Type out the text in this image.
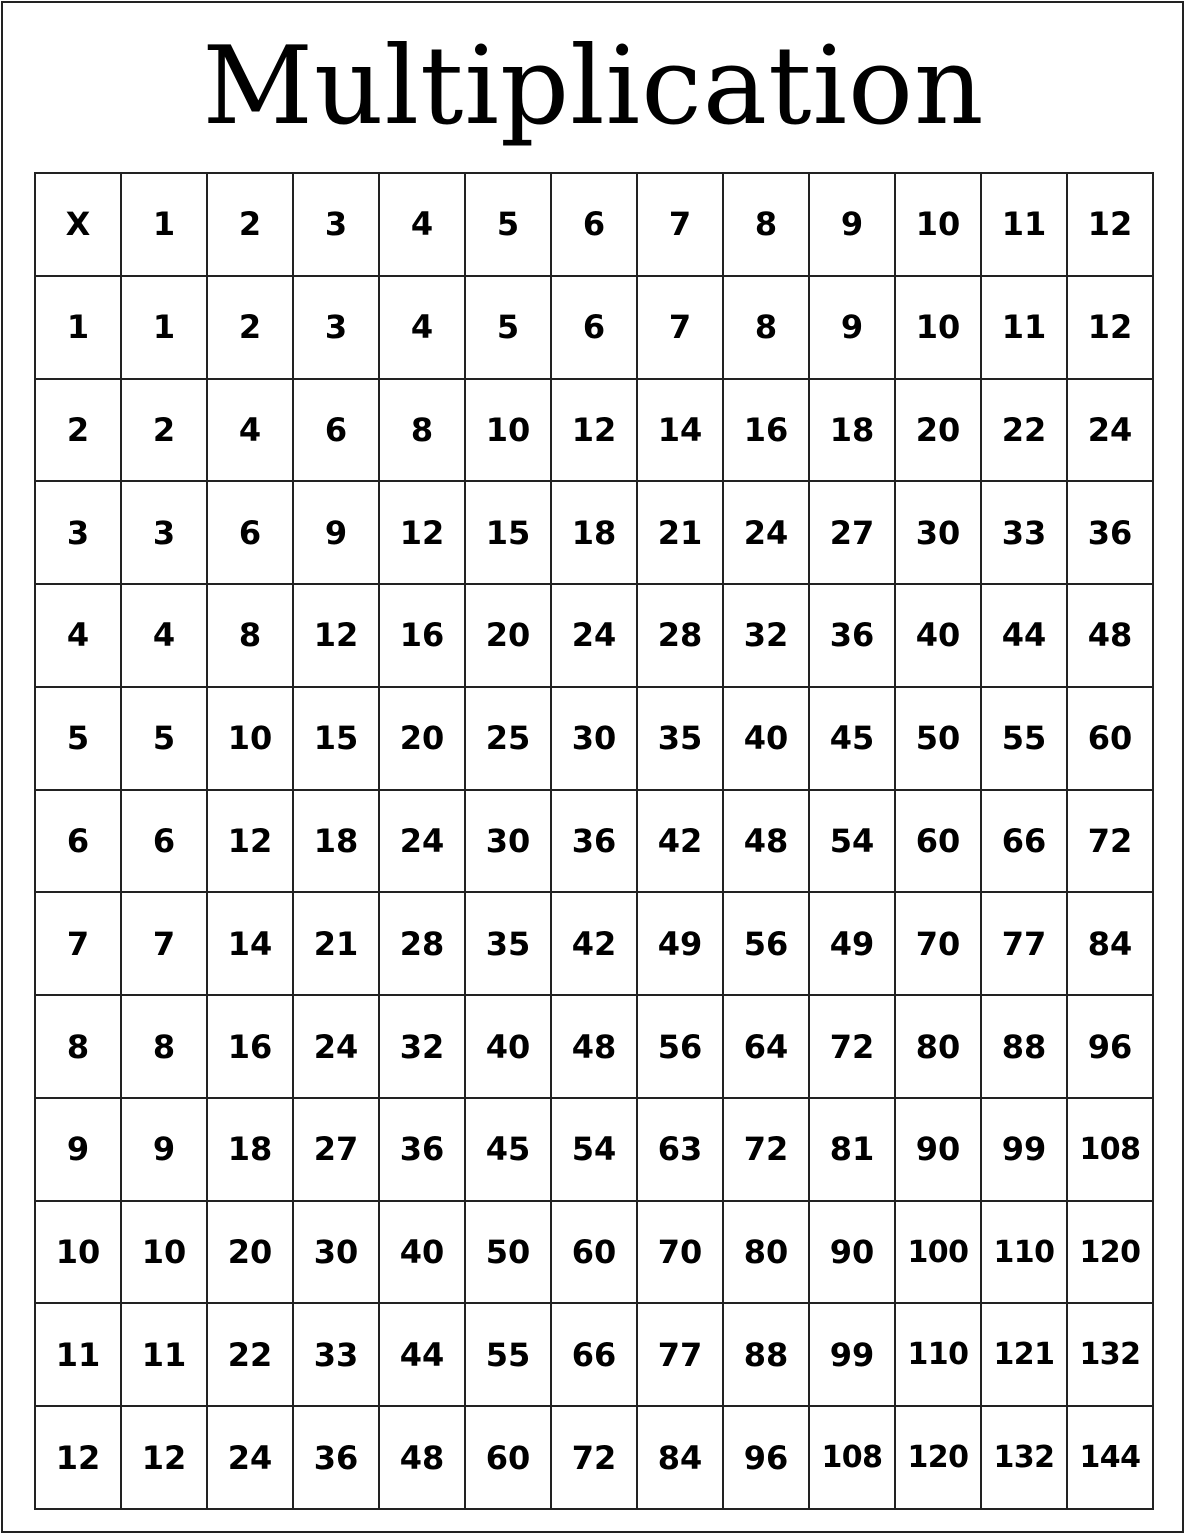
Multiplication
X	1	2	3	4	5	6	7	8	9	10	11	12
1	1	2	3	4	5	6	7	8	9	10	11	12
2	2	4	6	8	10	12	14	16	18	20	22	24
3	3	6	9	12	15	18	21	24	27	30	33	36
4	4	8	12	16	20	24	28	32	36	40	44	48
5	5	10	15	20	25	30	35	40	45	50	55	60
6	6	12	18	24	30	36	42	48	54	60	66	72
7	7	14	21	28	35	42	49	56	49	70	77	84
8	8	16	24	32	40	48	56	64	72	80	88	96
9	9	18	27	36	45	54	63	72	81	90	99	108
10	10	20	30	40	50	60	70	80	90	100	110	120
11	11	22	33	44	55	66	77	88	99	110	121	132
12	12	24	36	48	60	72	84	96	108	120	132	144
